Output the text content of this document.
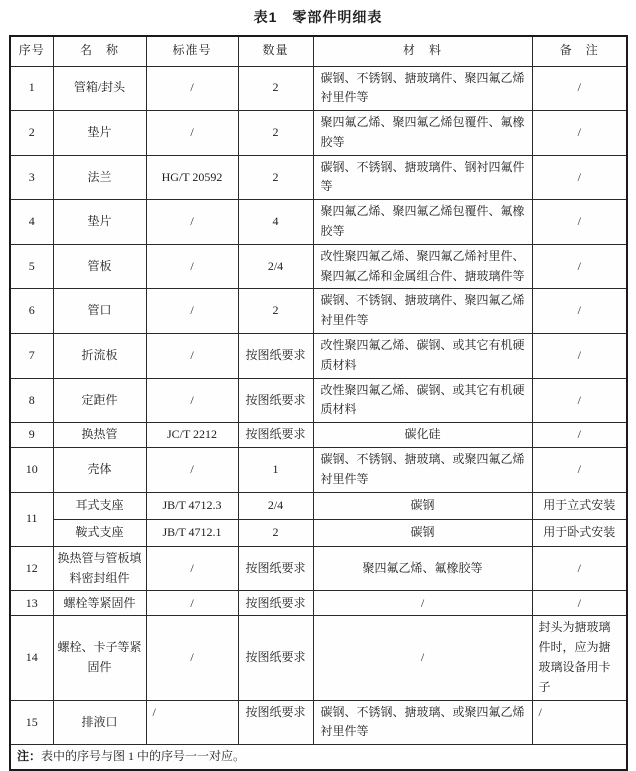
表1　零部件明细表
序号	名　称	标准号	数量	材　料	备　注
1	管箱/封头	/	2	碳钢、不锈钢、搪玻璃件、聚四氟乙烯衬里件等	/
2	垫片	/	2	聚四氟乙烯、聚四氟乙烯包覆件、氟橡胶等	/
3	法兰	HG/T 20592	2	碳钢、不锈钢、搪玻璃件、钢衬四氟件等	/
4	垫片	/	4	聚四氟乙烯、聚四氟乙烯包覆件、氟橡胶等	/
5	管板	/	2/4	改性聚四氟乙烯、聚四氟乙烯衬里件、聚四氟乙烯和金属组合件、搪玻璃件等	/
6	管口	/	2	碳钢、不锈钢、搪玻璃件、聚四氟乙烯衬里件等	/
7	折流板	/	按图纸要求	改性聚四氟乙烯、碳钢、或其它有机硬质材料	/
8	定距件	/	按图纸要求	改性聚四氟乙烯、碳钢、或其它有机硬质材料	/
9	换热管	JC/T 2212	按图纸要求	碳化硅	/
10	壳体	/	1	碳钢、不锈钢、搪玻璃、或聚四氟乙烯衬里件等	/
11	耳式支座	JB/T 4712.3	2/4	碳钢	用于立式安装
	鞍式支座	JB/T 4712.1	2	碳钢	用于卧式安装
12	换热管与管板填料密封组件	/	按图纸要求	聚四氟乙烯、氟橡胶等	/
13	螺栓等紧固件	/	按图纸要求	/	/
14	螺栓、卡子等紧固件	/	按图纸要求	/	封头为搪玻璃件时，应为搪玻璃设备用卡子
15	排液口	/	按图纸要求	碳钢、不锈钢、搪玻璃、或聚四氟乙烯衬里件等	/
注：表中的序号与图 1 中的序号一一对应。					
